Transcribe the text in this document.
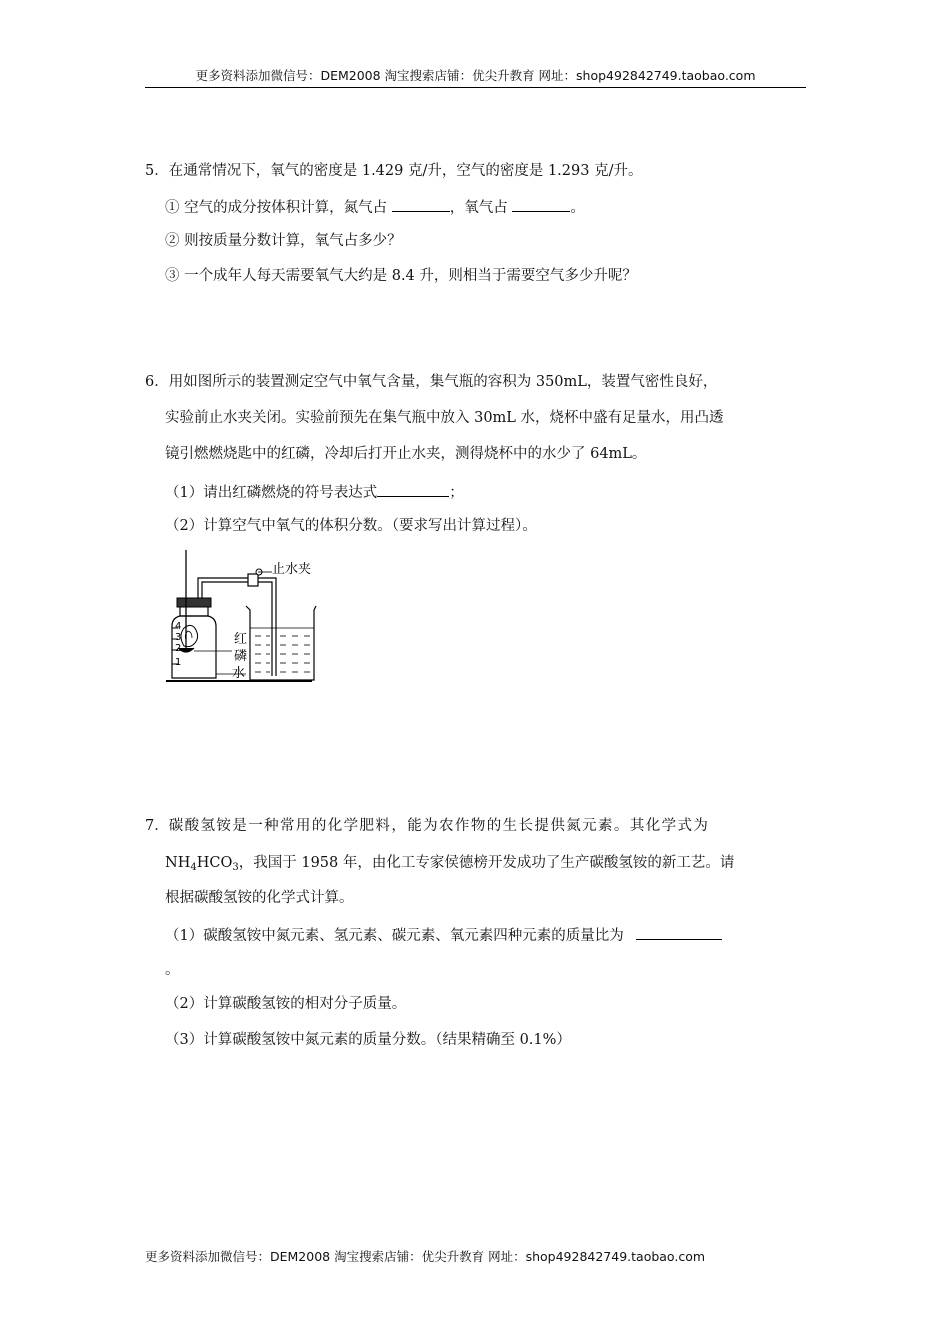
更多资料添加微信号：DEM2008 淘宝搜索店铺：优尖升教育 网址：shop492842749.taobao.com
5．在通常情况下，氧气的密度是 1.429 克/升，空气的密度是 1.293 克/升。
① 空气的成分按体积计算，氮气占	，氧气占	。
② 则按质量分数计算，氧气占多少？
③ 一个成年人每天需要氧气大约是 8.4 升，则相当于需要空气多少升呢？
6．用如图所示的装置测定空气中氧气含量，集气瓶的容积为 350mL，装置气密性良好，
实验前止水夹关闭。实验前预先在集气瓶中放入 30mL 水，烧杯中盛有足量水，用凸透
镜引燃燃烧匙中的红磷，冷却后打开止水夹，测得烧杯中的水少了 64mL。
（1）请出红磷燃烧的符号表达式	；
（2）计算空气中氧气的体积分数。（要求写出计算过程）。
4
3
2
1
止水夹
红
磷
水
7．碳酸氢铵是一种常用的化学肥料，能为农作物的生长提供氮元素。其化学式为
$NH_4HCO_3$，我国于 1958 年，由化工专家侯德榜开发成功了生产碳酸氢铵的新工艺。请
根据碳酸氢铵的化学式计算。
（1）碳酸氢铵中氮元素、氢元素、碳元素、氧元素四种元素的质量比为
。
（2）计算碳酸氢铵的相对分子质量。
（3）计算碳酸氢铵中氮元素的质量分数。（结果精确至 0.1%）
更多资料添加微信号：DEM2008 淘宝搜索店铺：优尖升教育 网址：shop492842749.taobao.com
